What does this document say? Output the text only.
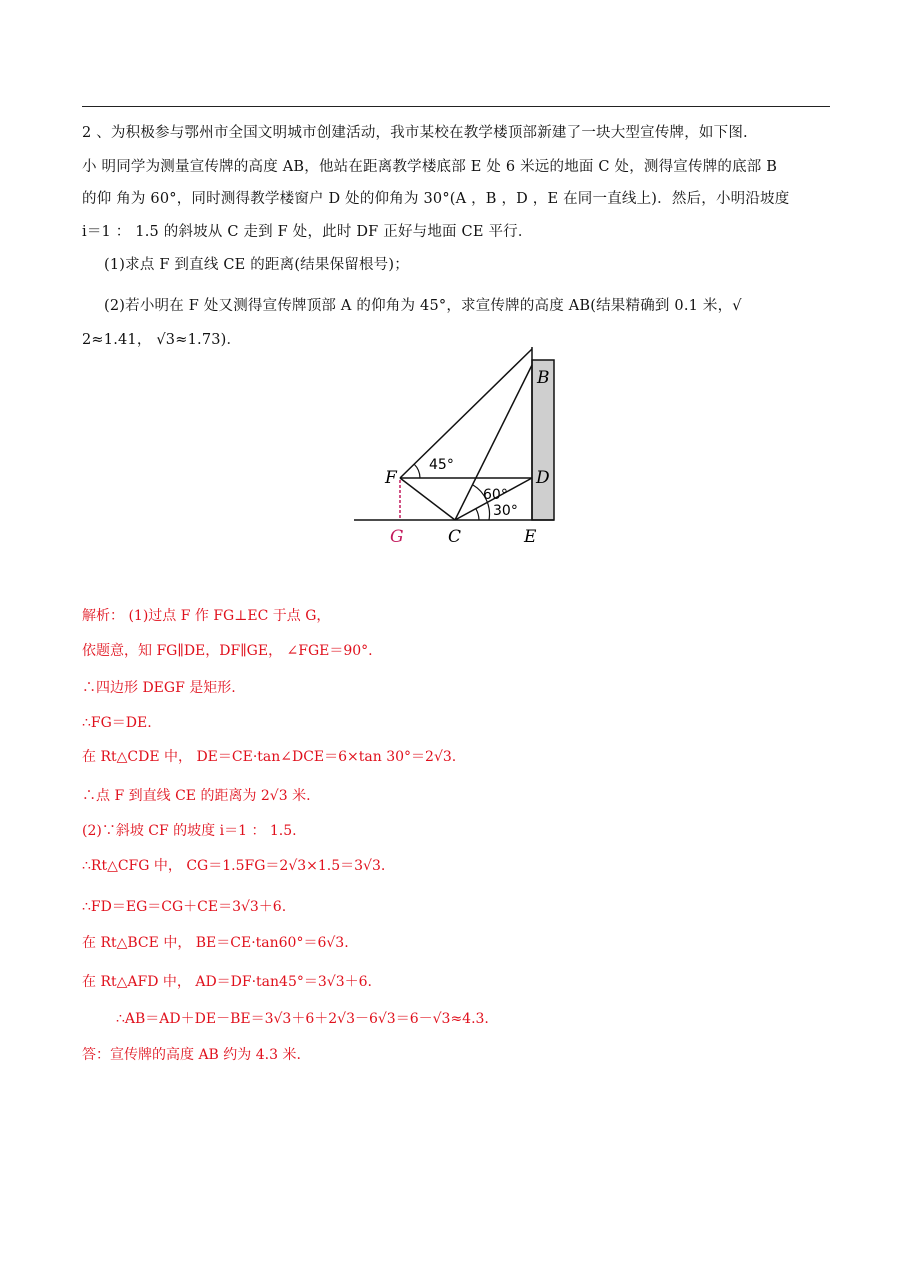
2 、为积极参与鄂州市全国文明城市创建活动，我市某校在教学楼顶部新建了一块大型宣传牌，如下图.
小 明同学为测量宣传牌的高度 AB，他站在距离教学楼底部 E 处 6 米远的地面 C 处，测得宣传牌的底部 B
的仰 角为 60°，同时测得教学楼窗户 D 处的仰角为 30°(A ，B ，D ，E 在同一直线上)．然后，小明沿坡度
i＝1 ： 1.5 的斜坡从 C 走到 F 处，此时 DF 正好与地面 CE 平行．
(1)求点 F 到直线 CE 的距离(结果保留根号)；
(2)若小明在 F 处又测得宣传牌顶部 A 的仰角为 45°，求宣传牌的高度 AB(结果精确到 0.1 米，√
2≈1.41， √3≈1.73)．
B
D
E
F
G	C
45°
60°
30°
解析： (1)过点 F 作 FG⊥EC 于点 G，
依题意，知 FG∥DE，DF∥GE， ∠FGE＝90°.
∴四边形 DEGF 是矩形.
∴FG＝DE.
在 Rt△CDE 中， DE＝CE·tan∠DCE＝6×tan 30°＝2√3.
∴点 F 到直线 CE 的距离为 2√3 米.
(2)∵斜坡 CF 的坡度 i＝1 ： 1.5.
∴Rt△CFG 中， CG＝1.5FG＝2√3×1.5＝3√3.
∴FD＝EG＝CG＋CE＝3√3＋6.
在 Rt△BCE 中， BE＝CE·tan60°＝6√3.
在 Rt△AFD 中， AD＝DF·tan45°＝3√3＋6.
∴AB＝AD＋DE－BE＝3√3＋6＋2√3－6√3＝6－√3≈4.3.
答：宣传牌的高度 AB 约为 4.3 米.
